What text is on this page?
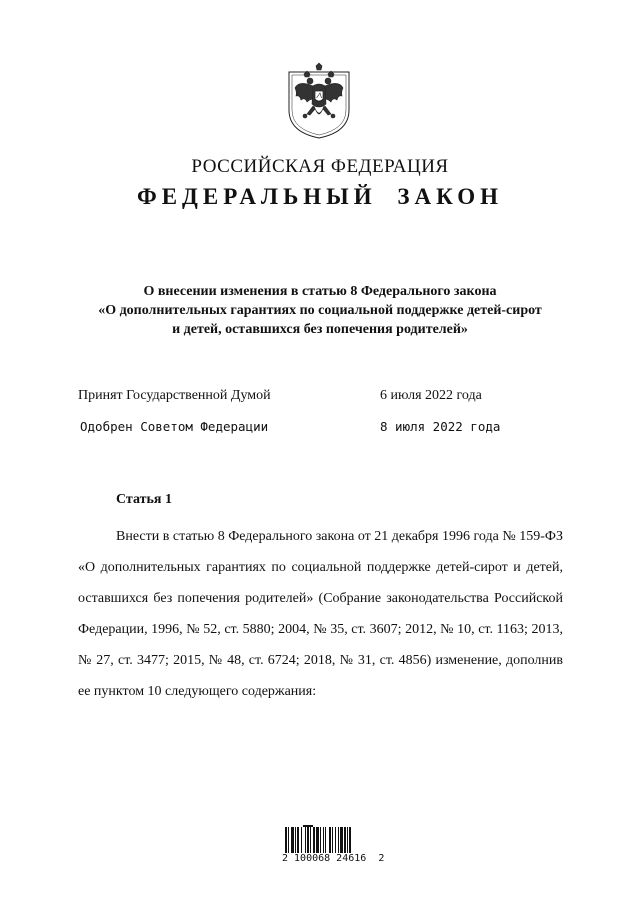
РОССИЙСКАЯ ФЕДЕРАЦИЯ
ФЕДЕРАЛЬНЫЙ ЗАКОН
О внесении изменения в статью 8 Федерального закона
«О дополнительных гарантиях по социальной поддержке детей-сирот
и детей, оставшихся без попечения родителей»
Принят Государственной Думой	6 июля 2022 года
Одобрен Советом Федерации	8 июля 2022 года
Статья 1
Внести в статью 8 Федерального закона от 21 декабря 1996 года № 159-ФЗ «О дополнительных гарантиях по социальной поддержке детей-сирот и детей, оставшихся без попечения родителей» (Собрание законодательства Российской Федерации, 1996, № 52, ст. 5880; 2004, № 35, ст. 3607; 2012, № 10, ст. 1163; 2013, № 27, ст. 3477; 2015, № 48, ст. 6724; 2018, № 31, ст. 4856) изменение, дополнив ее пунктом 10 следующего содержания:
2 100068 24616  2
